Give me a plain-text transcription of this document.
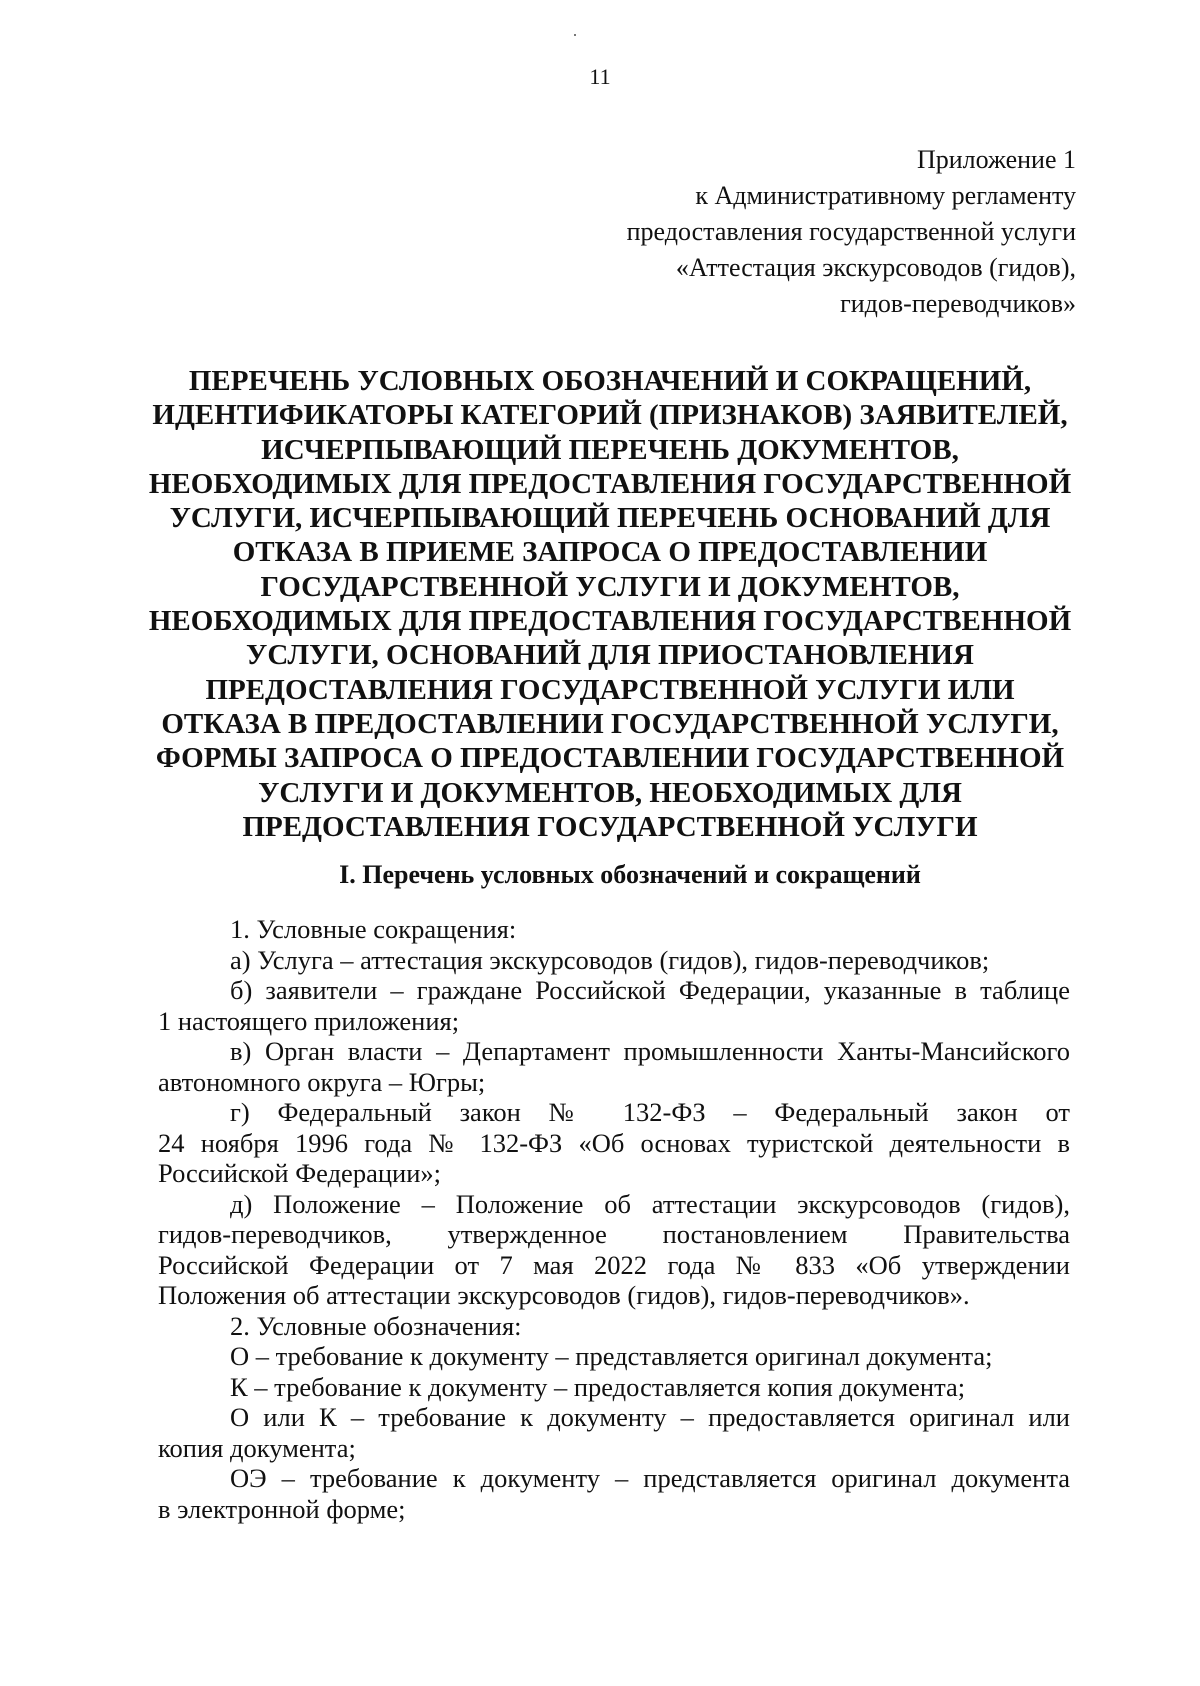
11
Приложение 1
к Административному регламенту
предоставления государственной услуги
«Аттестация экскурсоводов (гидов),
гидов-переводчиков»
ПЕРЕЧЕНЬ УСЛОВНЫХ ОБОЗНАЧЕНИЙ И СОКРАЩЕНИЙ,
ИДЕНТИФИКАТОРЫ КАТЕГОРИЙ (ПРИЗНАКОВ) ЗАЯВИТЕЛЕЙ,
ИСЧЕРПЫВАЮЩИЙ ПЕРЕЧЕНЬ ДОКУМЕНТОВ,
НЕОБХОДИМЫХ ДЛЯ ПРЕДОСТАВЛЕНИЯ ГОСУДАРСТВЕННОЙ
УСЛУГИ, ИСЧЕРПЫВАЮЩИЙ ПЕРЕЧЕНЬ ОСНОВАНИЙ ДЛЯ
ОТКАЗА В ПРИЕМЕ ЗАПРОСА О ПРЕДОСТАВЛЕНИИ
ГОСУДАРСТВЕННОЙ УСЛУГИ И ДОКУМЕНТОВ,
НЕОБХОДИМЫХ ДЛЯ ПРЕДОСТАВЛЕНИЯ ГОСУДАРСТВЕННОЙ
УСЛУГИ, ОСНОВАНИЙ ДЛЯ ПРИОСТАНОВЛЕНИЯ
ПРЕДОСТАВЛЕНИЯ ГОСУДАРСТВЕННОЙ УСЛУГИ ИЛИ
ОТКАЗА В ПРЕДОСТАВЛЕНИИ ГОСУДАРСТВЕННОЙ УСЛУГИ,
ФОРМЫ ЗАПРОСА О ПРЕДОСТАВЛЕНИИ ГОСУДАРСТВЕННОЙ
УСЛУГИ И ДОКУМЕНТОВ, НЕОБХОДИМЫХ ДЛЯ
ПРЕДОСТАВЛЕНИЯ ГОСУДАРСТВЕННОЙ УСЛУГИ
I. Перечень условных обозначений и сокращений
1. Условные сокращения:
а) Услуга – аттестация экскурсоводов (гидов), гидов-переводчиков;
б) заявители – граждане Российской Федерации, указанные в таблице
1 настоящего приложения;
в) Орган власти – Департамент промышленности Ханты-Мансийского
автономного округа – Югры;
г) Федеральный закон № 132-ФЗ – Федеральный закон от
24 ноября 1996 года № 132-ФЗ «Об основах туристской деятельности в
Российской Федерации»;
д) Положение – Положение об аттестации экскурсоводов (гидов),
гидов-переводчиков, утвержденное постановлением Правительства
Российской Федерации от 7 мая 2022 года № 833 «Об утверждении
Положения об аттестации экскурсоводов (гидов), гидов-переводчиков».
2. Условные обозначения:
О – требование к документу – представляется оригинал документа;
К – требование к документу – предоставляется копия документа;
О или К – требование к документу – предоставляется оригинал или
копия документа;
ОЭ – требование к документу – представляется оригинал документа
в электронной форме;
